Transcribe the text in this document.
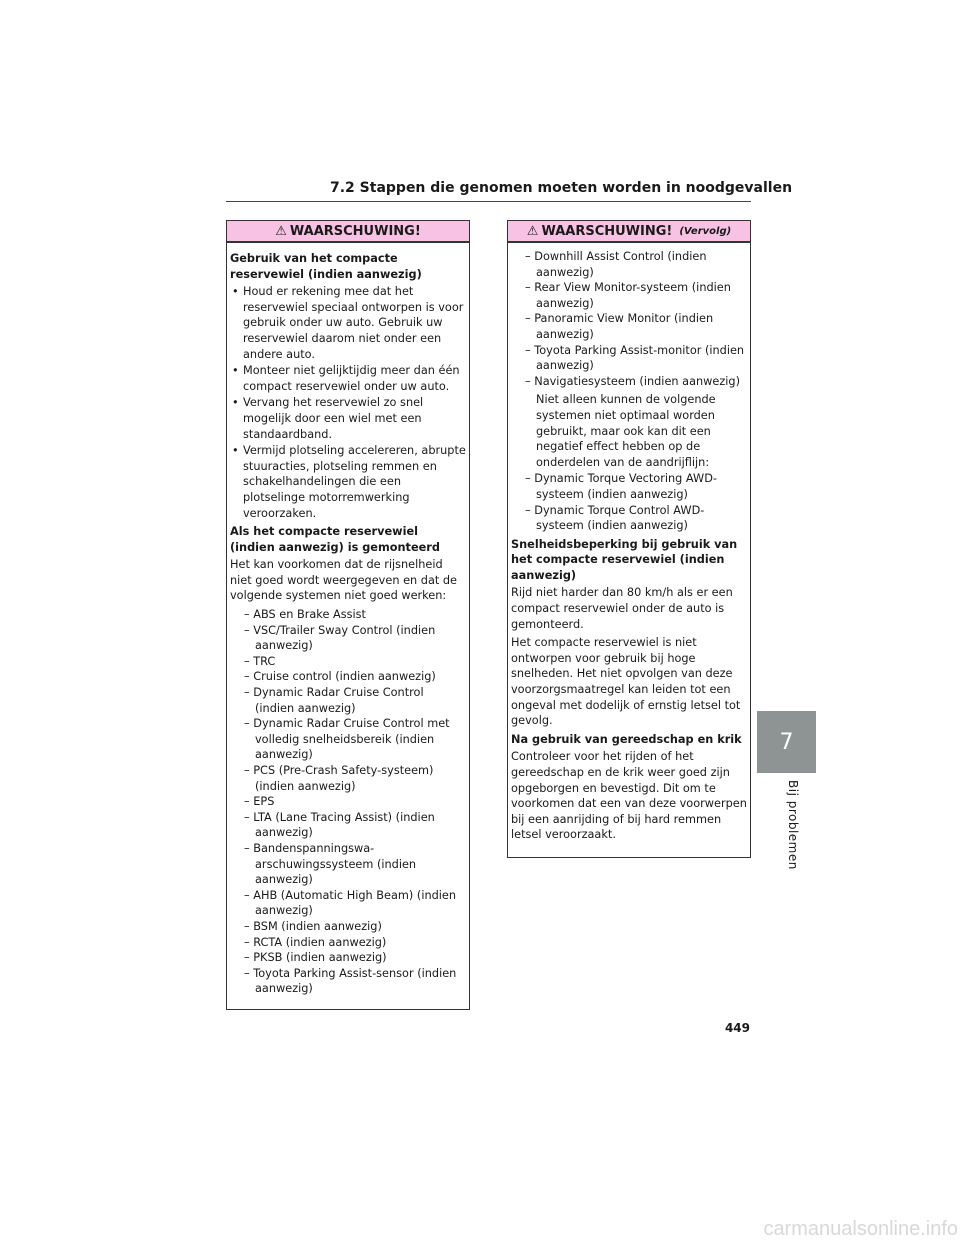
7.2 Stappen die genomen moeten worden in noodgevallen
⚠ WAARSCHUWING!
Gebruik van het compacte reservewiel (indien aanwezig)
• Houd er rekening mee dat het reservewiel speciaal ontworpen is voor gebruik onder uw auto. Gebruik uw reservewiel daarom niet onder een andere auto.
• Monteer niet gelijktijdig meer dan één compact reservewiel onder uw auto.
• Vervang het reservewiel zo snel mogelijk door een wiel met een standaardband.
• Vermijd plotseling accelereren, abrupte stuuracties, plotseling remmen en schakelhandelingen die een plotselinge motorremwerking veroorzaken.
Als het compacte reservewiel (indien aanwezig) is gemonteerd

Het kan voorkomen dat de rijsnelheid niet goed wordt weergegeven en dat de volgende systemen niet goed werken:

– ABS en Brake Assist
– VSC/Trailer Sway Control (indien aanwezig)
– TRC
– Cruise control (indien aanwezig)
– Dynamic Radar Cruise Control (indien aanwezig)
– Dynamic Radar Cruise Control met volledig snelheidsbereik (indien aanwezig)
– PCS (Pre-Crash Safety-systeem) (indien aanwezig)
– EPS
– LTA (Lane Tracing Assist) (indien aanwezig)
– Bandenspanningswa-arschuwingssysteem (indien aanwezig)
– AHB (Automatic High Beam) (indien aanwezig)
– BSM (indien aanwezig)
– RCTA (indien aanwezig)
– PKSB (indien aanwezig)
– Toyota Parking Assist-sensor (indien aanwezig)
⚠ WAARSCHUWING! (Vervolg)
– Downhill Assist Control (indien aanwezig)
– Rear View Monitor-systeem (indien aanwezig)
– Panoramic View Monitor (indien aanwezig)
– Toyota Parking Assist-monitor (indien aanwezig)
– Navigatiesysteem (indien aanwezig)

Niet alleen kunnen de volgende systemen niet optimaal worden gebruikt, maar ook kan dit een negatief effect hebben op de onderdelen van de aandrijflijn:

– Dynamic Torque Vectoring AWD-systeem (indien aanwezig)
– Dynamic Torque Control AWD-systeem (indien aanwezig)
Snelheidsbeperking bij gebruik van het compacte reservewiel (indien aanwezig)

Rijd niet harder dan 80 km/h als er een compact reservewiel onder de auto is gemonteerd.

Het compacte reservewiel is niet ontworpen voor gebruik bij hoge snelheden. Het niet opvolgen van deze voorzorgsmaatregel kan leiden tot een ongeval met dodelijk of ernstig letsel tot gevolg.

Na gebruik van gereedschap en krik

Controleer voor het rijden of het gereedschap en de krik weer goed zijn opgeborgen en bevestigd. Dit om te voorkomen dat een van deze voorwerpen bij een aanrijding of bij hard remmen letsel veroorzaakt.

7
Bij problemen
449
carmanualsonline.info
